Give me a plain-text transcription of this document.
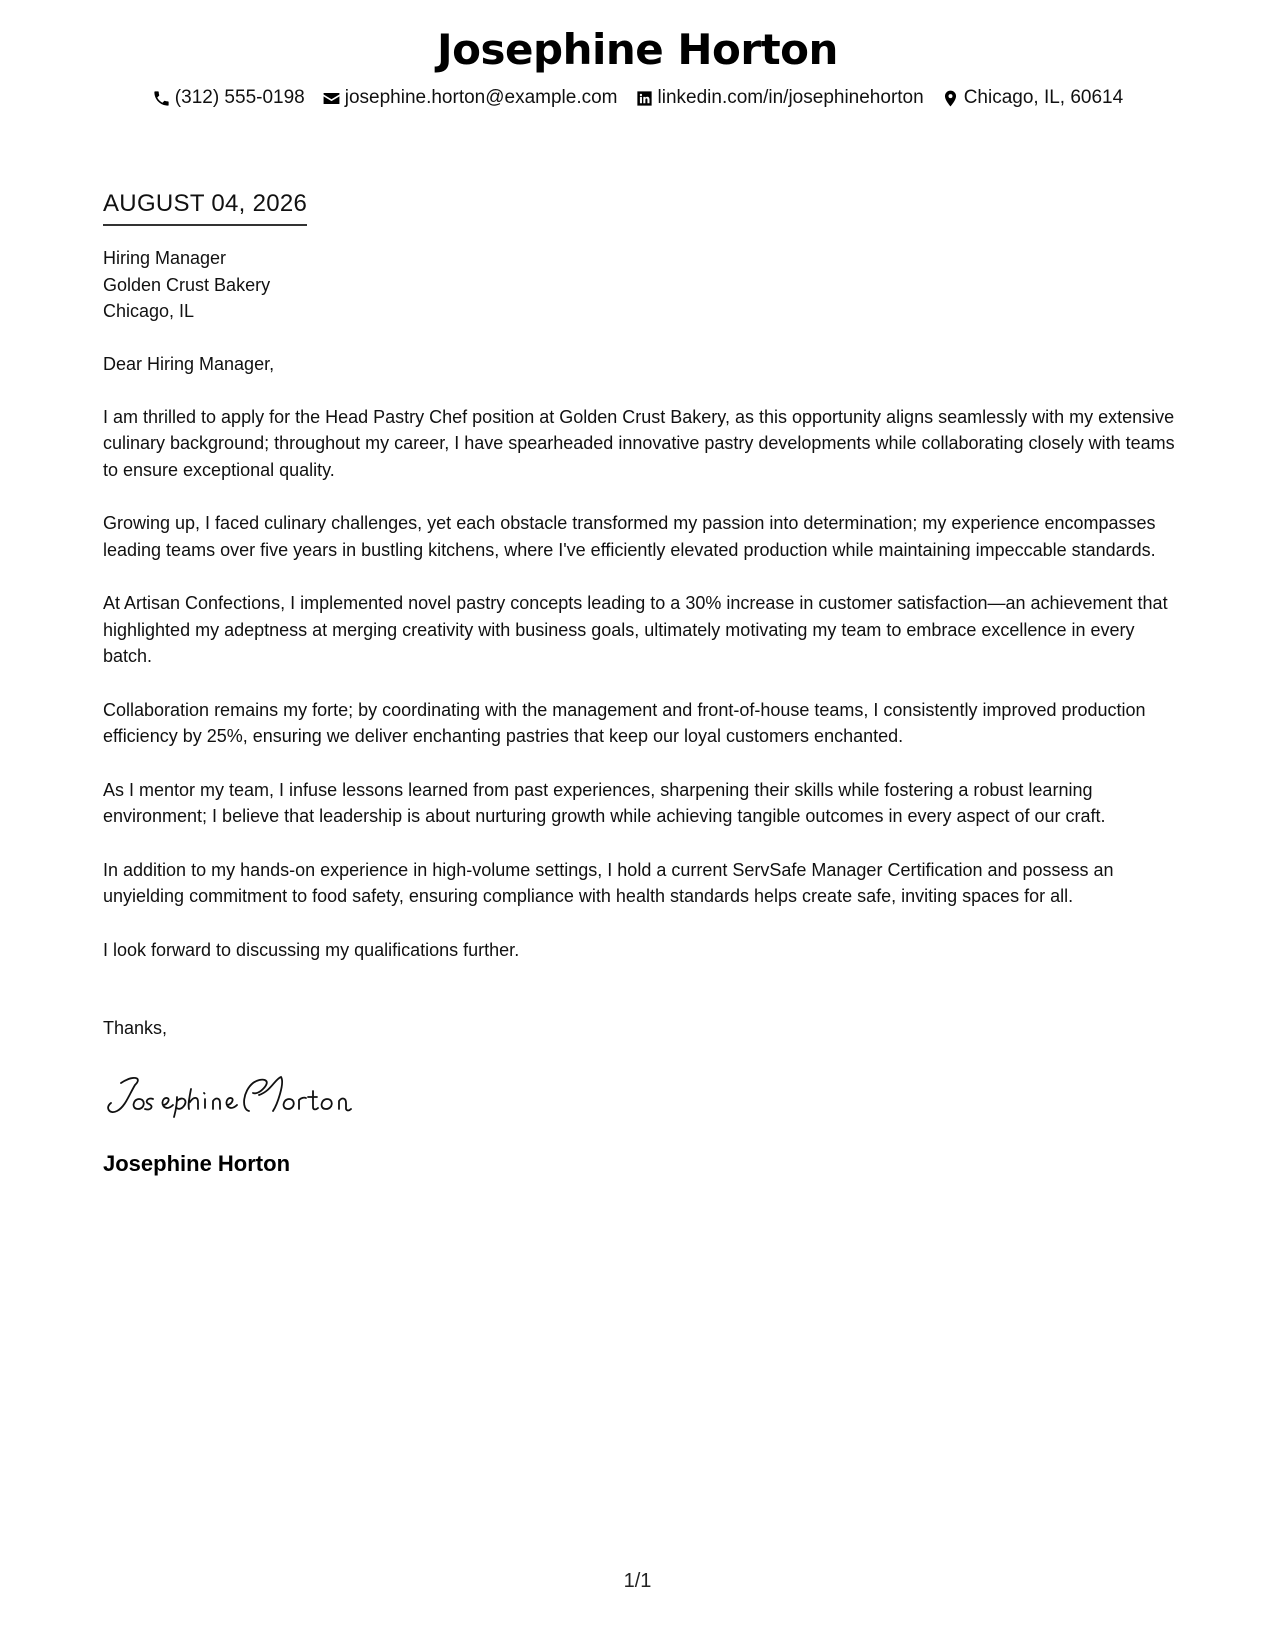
Josephine Horton
(312) 555-0198 josephine.horton@example.com linkedin.com/in/josephinehorton Chicago, IL, 60614
AUGUST 04, 2026
Hiring Manager
Golden Crust Bakery
Chicago, IL
Dear Hiring Manager,
I am thrilled to apply for the Head Pastry Chef position at Golden Crust Bakery, as this opportunity aligns seamlessly with my extensive culinary background; throughout my career, I have spearheaded innovative pastry developments while collaborating closely with teams to ensure exceptional quality.
Growing up, I faced culinary challenges, yet each obstacle transformed my passion into determination; my experience encompasses leading teams over five years in bustling kitchens, where I've efficiently elevated production while maintaining impeccable standards.
At Artisan Confections, I implemented novel pastry concepts leading to a 30% increase in customer satisfaction—an achievement that highlighted my adeptness at merging creativity with business goals, ultimately motivating my team to embrace excellence in every batch.
Collaboration remains my forte; by coordinating with the management and front-of-house teams, I consistently improved production efficiency by 25%, ensuring we deliver enchanting pastries that keep our loyal customers enchanted.
As I mentor my team, I infuse lessons learned from past experiences, sharpening their skills while fostering a robust learning environment; I believe that leadership is about nurturing growth while achieving tangible outcomes in every aspect of our craft.
In addition to my hands-on experience in high-volume settings, I hold a current ServSafe Manager Certification and possess an unyielding commitment to food safety, ensuring compliance with health standards helps create safe, inviting spaces for all.
I look forward to discussing my qualifications further.
Thanks,
Josephine Horton
1/1
